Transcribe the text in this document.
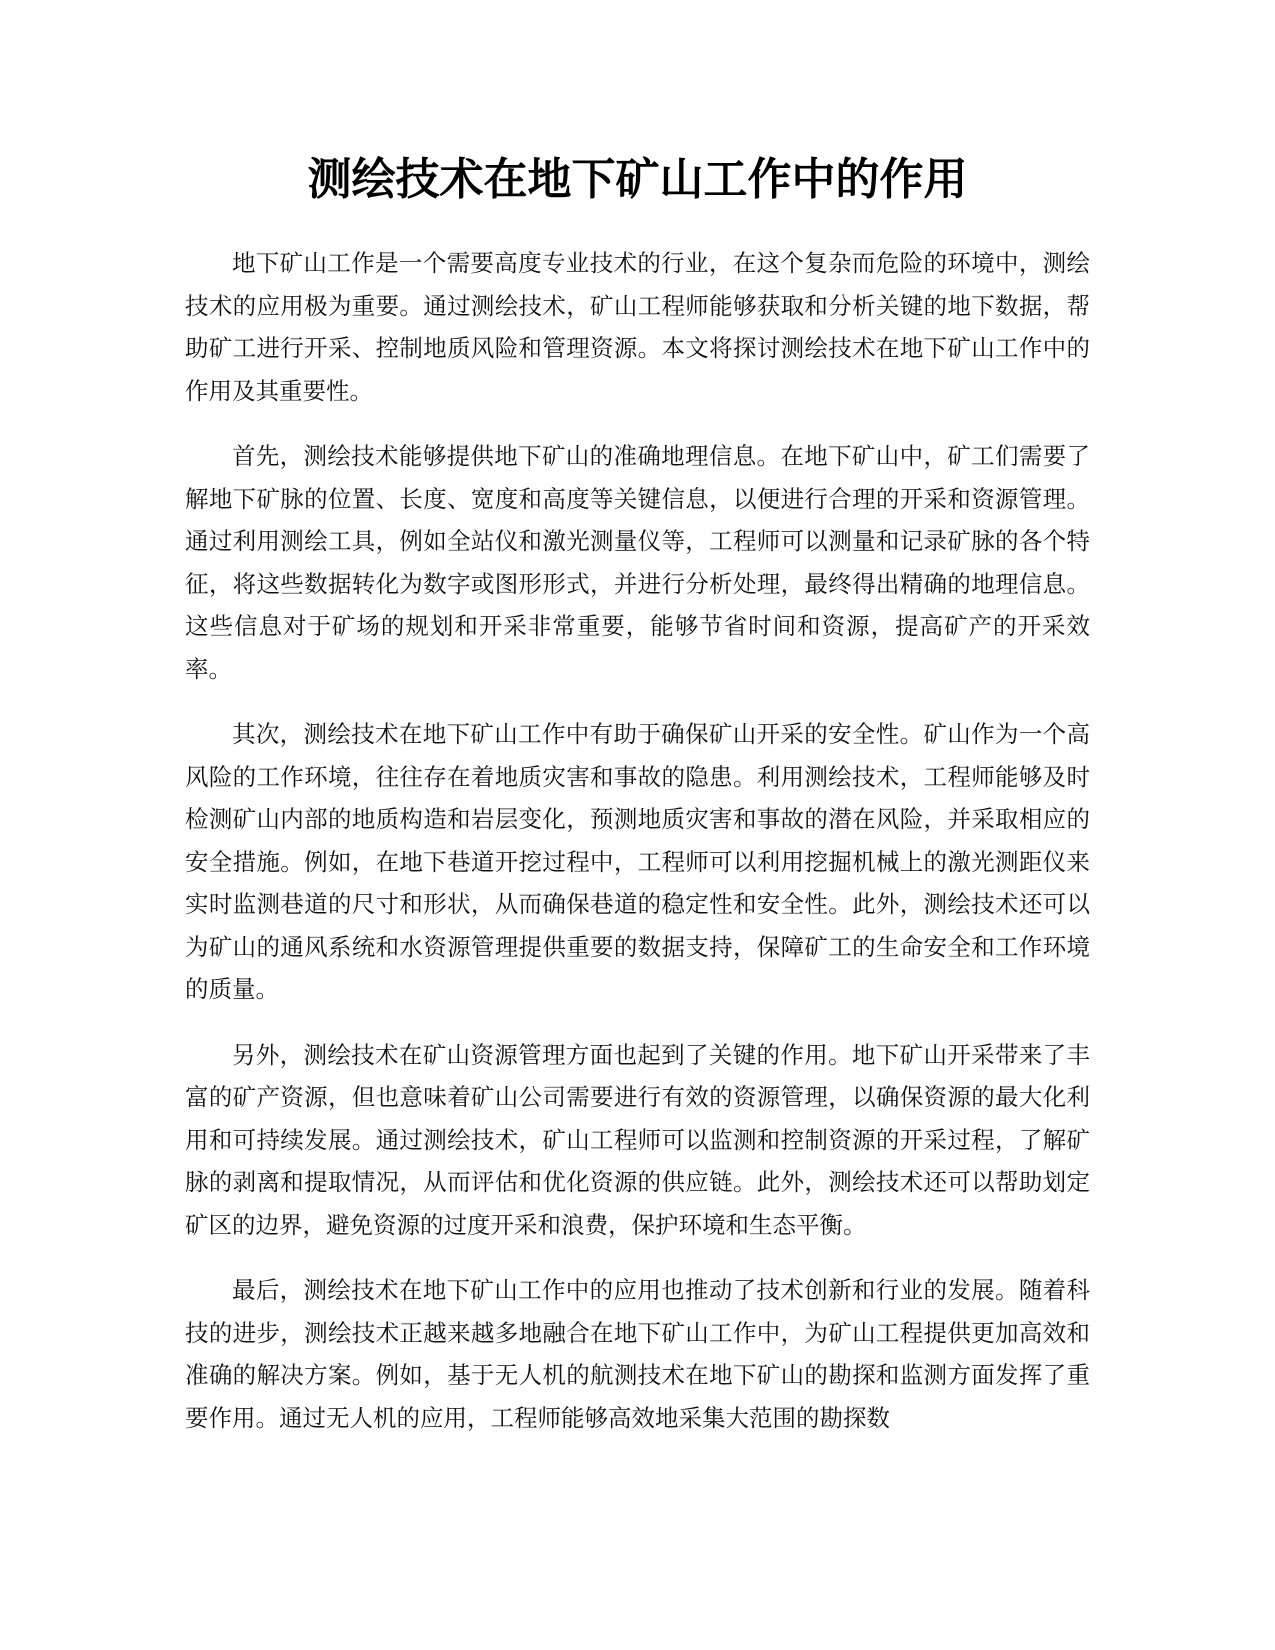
测绘技术在地下矿山工作中的作用

地下矿山工作是一个需要高度专业技术的行业，在这个复杂而危险的环境中，测绘技术的应用极为重要。通过测绘技术，矿山工程师能够获取和分析关键的地下数据，帮助矿工进行开采、控制地质风险和管理资源。本文将探讨测绘技术在地下矿山工作中的作用及其重要性。

首先，测绘技术能够提供地下矿山的准确地理信息。在地下矿山中，矿工们需要了解地下矿脉的位置、长度、宽度和高度等关键信息，以便进行合理的开采和资源管理。通过利用测绘工具，例如全站仪和激光测量仪等，工程师可以测量和记录矿脉的各个特征，将这些数据转化为数字或图形形式，并进行分析处理，最终得出精确的地理信息。这些信息对于矿场的规划和开采非常重要，能够节省时间和资源，提高矿产的开采效率。

其次，测绘技术在地下矿山工作中有助于确保矿山开采的安全性。矿山作为一个高风险的工作环境，往往存在着地质灾害和事故的隐患。利用测绘技术，工程师能够及时检测矿山内部的地质构造和岩层变化，预测地质灾害和事故的潜在风险，并采取相应的安全措施。例如，在地下巷道开挖过程中，工程师可以利用挖掘机械上的激光测距仪来实时监测巷道的尺寸和形状，从而确保巷道的稳定性和安全性。此外，测绘技术还可以为矿山的通风系统和水资源管理提供重要的数据支持，保障矿工的生命安全和工作环境的质量。

另外，测绘技术在矿山资源管理方面也起到了关键的作用。地下矿山开采带来了丰富的矿产资源，但也意味着矿山公司需要进行有效的资源管理，以确保资源的最大化利用和可持续发展。通过测绘技术，矿山工程师可以监测和控制资源的开采过程，了解矿脉的剥离和提取情况，从而评估和优化资源的供应链。此外，测绘技术还可以帮助划定矿区的边界，避免资源的过度开采和浪费，保护环境和生态平衡。

最后，测绘技术在地下矿山工作中的应用也推动了技术创新和行业的发展。随着科技的进步，测绘技术正越来越多地融合在地下矿山工作中，为矿山工程提供更加高效和准确的解决方案。例如，基于无人机的航测技术在地下矿山的勘探和监测方面发挥了重要作用。通过无人机的应用，工程师能够高效地采集大范围的勘探数
